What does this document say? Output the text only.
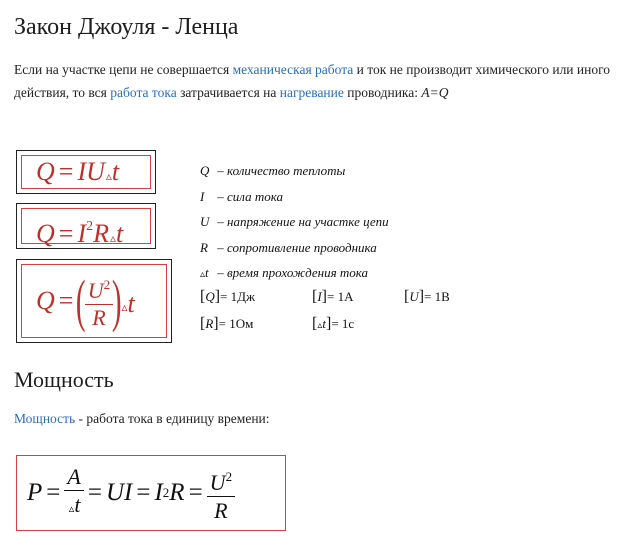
Закон Джоуля - Ленца
Если на участке цепи не совершается механическая работа и ток не производит химического или иного действия, то вся работа тока затрачивается на нагревание проводника: A=Q
Q = IU▵t
$Q = I^2R▵t$
Q = (
$\frac{U^2}{R}$
) ▵ t
Q – количество теплоты
I – сила тока
U – напряжение на участке цепи
R – сопротивление проводника
▵t – время прохождения тока
[Q]= 1Дж	[I]= 1А	[U]= 1В
[R]= 1Ом	[▵t]= 1с
Мощность
Мощность - работа тока в единицу времени:
$P = \frac{A}{▵t}$ = UI = I 2 $R = \frac{U^2}{R}$
